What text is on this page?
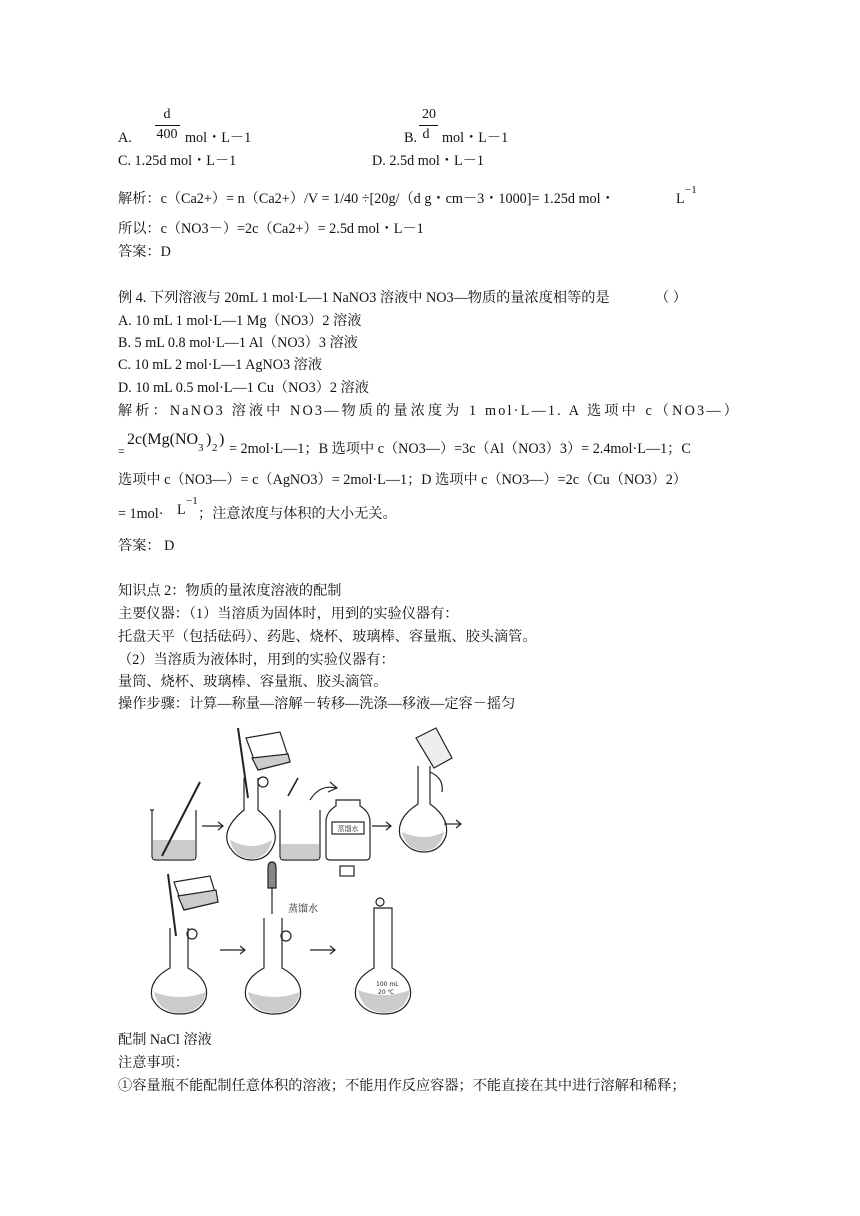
A.
d
400 mol・L－1	B.
20
d mol・L－1
C. 1.25d mol・L－1	D. 2.5d mol・L－1
解析：c（Ca2+）= n（Ca2+）/V = 1/40 ÷[20g/（d g・cm－3・1000]= 1.25d mol・	L
−1
所以：c（NO3－）=2c（Ca2+）= 2.5d mol・L－1
答案：D
例 4. 下列溶液与 20mL 1 mol·L—1 NaNO3 溶液中 NO3—物质的量浓度相等的是	（ ）
A. 10 mL 1 mol·L—1 Mg（NO3）2 溶液
B. 5 mL 0.8 mol·L—1 Al（NO3）3 溶液
C. 10 mL 2 mol·L—1 AgNO3 溶液
D. 10 mL 0.5 mol·L—1 Cu（NO3）2 溶液
解析：NaNO3 溶液中 NO3—物质的量浓度为 1 mol·L—1. A 选项中 c（NO3—）
=
2c(Mg(NO 3 ) 2 )
= 2mol·L—1；B 选项中 c（NO3—）=3c（Al（NO3）3）= 2.4mol·L—1；C
选项中 c（NO3—）= c（AgNO3）= 2mol·L—1；D 选项中 c（NO3—）=2c（Cu（NO3）2）
= 1mol· L
−1
；注意浓度与体积的大小无关。
答案： D
知识点 2：物质的量浓度溶液的配制
主要仪器：（1）当溶质为固体时，用到的实验仪器有：
托盘天平（包括砝码）、药匙、烧杯、玻璃棒、容量瓶、胶头滴管。
（2）当溶质为液体时，用到的实验仪器有：
量筒、烧杯、玻璃棒、容量瓶、胶头滴管。
操作步骤：计算—称量—溶解－转移—洗涤—移液—定容－摇匀
蒸馏水
蒸馏水
100 mL
20 ℃
配制 NaCl 溶液
注意事项：
①容量瓶不能配制任意体积的溶液；不能用作反应容器；不能直接在其中进行溶解和稀释；
